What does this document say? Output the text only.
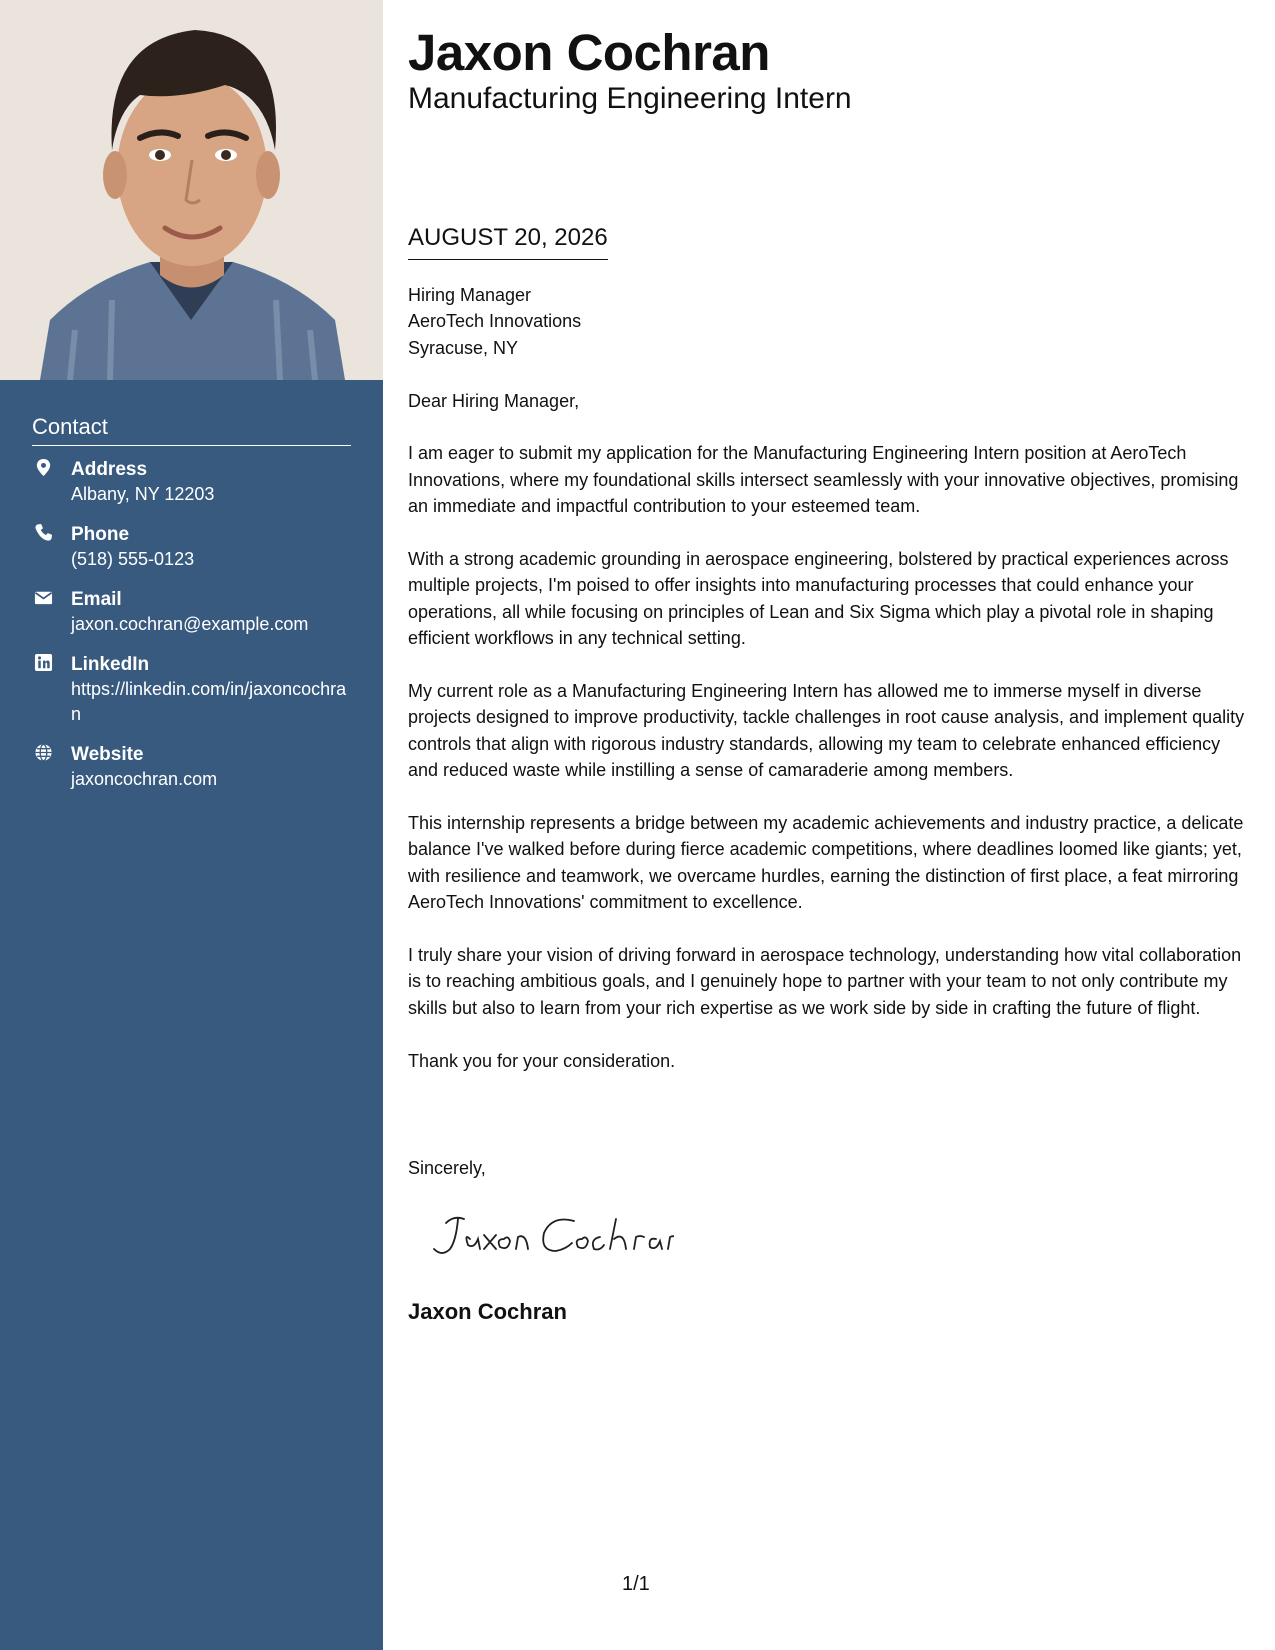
Contact
Address
Albany, NY 12203
Phone
(518) 555-0123
Email
jaxon.cochran@example.com
LinkedIn
https://linkedin.com/in/jaxoncochran
Website
jaxoncochran.com
Jaxon Cochran
Manufacturing Engineering Intern
AUGUST 20, 2026

Hiring Manager
AeroTech Innovations
Syracuse, NY

Dear Hiring Manager,

I am eager to submit my application for the Manufacturing Engineering Intern position at AeroTech Innovations, where my foundational skills intersect seamlessly with your innovative objectives, promising an immediate and impactful contribution to your esteemed team.

With a strong academic grounding in aerospace engineering, bolstered by practical experiences across multiple projects, I'm poised to offer insights into manufacturing processes that could enhance your operations, all while focusing on principles of Lean and Six Sigma which play a pivotal role in shaping efficient workflows in any technical setting.

My current role as a Manufacturing Engineering Intern has allowed me to immerse myself in diverse projects designed to improve productivity, tackle challenges in root cause analysis, and implement quality controls that align with rigorous industry standards, allowing my team to celebrate enhanced efficiency and reduced waste while instilling a sense of camaraderie among members.

This internship represents a bridge between my academic achievements and industry practice, a delicate balance I've walked before during fierce academic competitions, where deadlines loomed like giants; yet, with resilience and teamwork, we overcame hurdles, earning the distinction of first place, a feat mirroring AeroTech Innovations' commitment to excellence.

I truly share your vision of driving forward in aerospace technology, understanding how vital collaboration is to reaching ambitious goals, and I genuinely hope to partner with your team to not only contribute my skills but also to learn from your rich expertise as we work side by side in crafting the future of flight.

Thank you for your consideration.

Sincerely,
Jaxon Cochran
1/1
